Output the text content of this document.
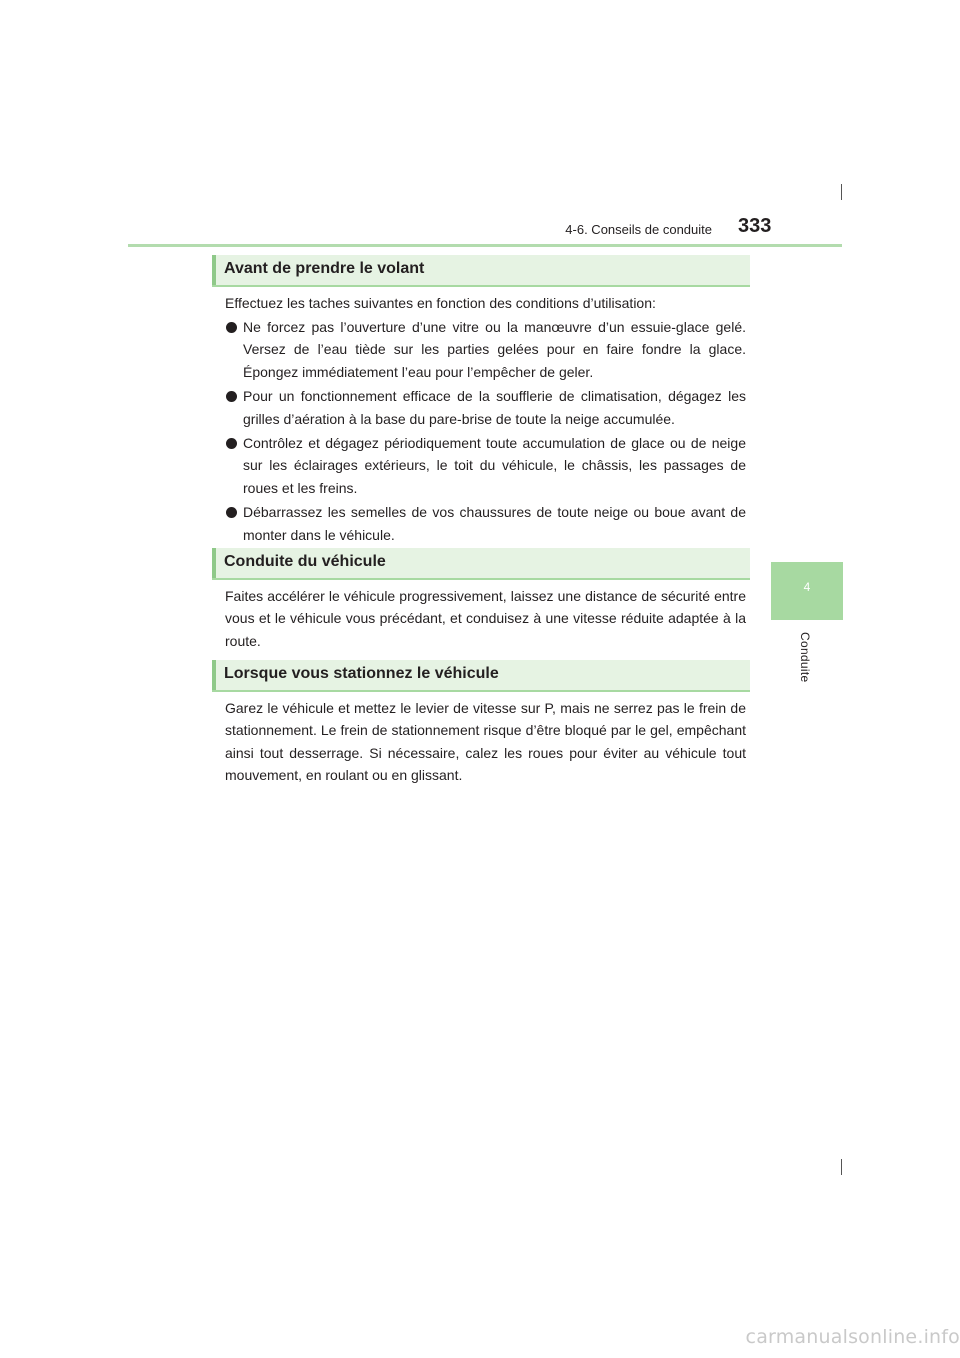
4-6. Conseils de conduite 333
4
Conduite
Avant de prendre le volant
Effectuez les taches suivantes en fonction des conditions d’utilisation:
Ne forcez pas l’ouverture d’une vitre ou la manœuvre d’un essuie-glace gelé. Versez de l’eau tiède sur les parties gelées pour en faire fondre la glace. Épongez immédiatement l’eau pour l’empêcher de geler.
Pour un fonctionnement efficace de la soufflerie de climatisation, dégagez les grilles d’aération à la base du pare-brise de toute la neige accumulée.
Contrôlez et dégagez périodiquement toute accumulation de glace ou de neige sur les éclairages extérieurs, le toit du véhicule, le châssis, les passages de roues et les freins.
Débarrassez les semelles de vos chaussures de toute neige ou boue avant de monter dans le véhicule.
Conduite du véhicule
Faites accélérer le véhicule progressivement, laissez une distance de sécurité entre vous et le véhicule vous précédant, et conduisez à une vitesse réduite adaptée à la route.
Lorsque vous stationnez le véhicule
Garez le véhicule et mettez le levier de vitesse sur P, mais ne serrez pas le frein de stationnement. Le frein de stationnement risque d’être bloqué par le gel, empêchant ainsi tout desserrage. Si nécessaire, calez les roues pour éviter au véhicule tout mouvement, en roulant ou en glissant.
carmanualsonline.info
